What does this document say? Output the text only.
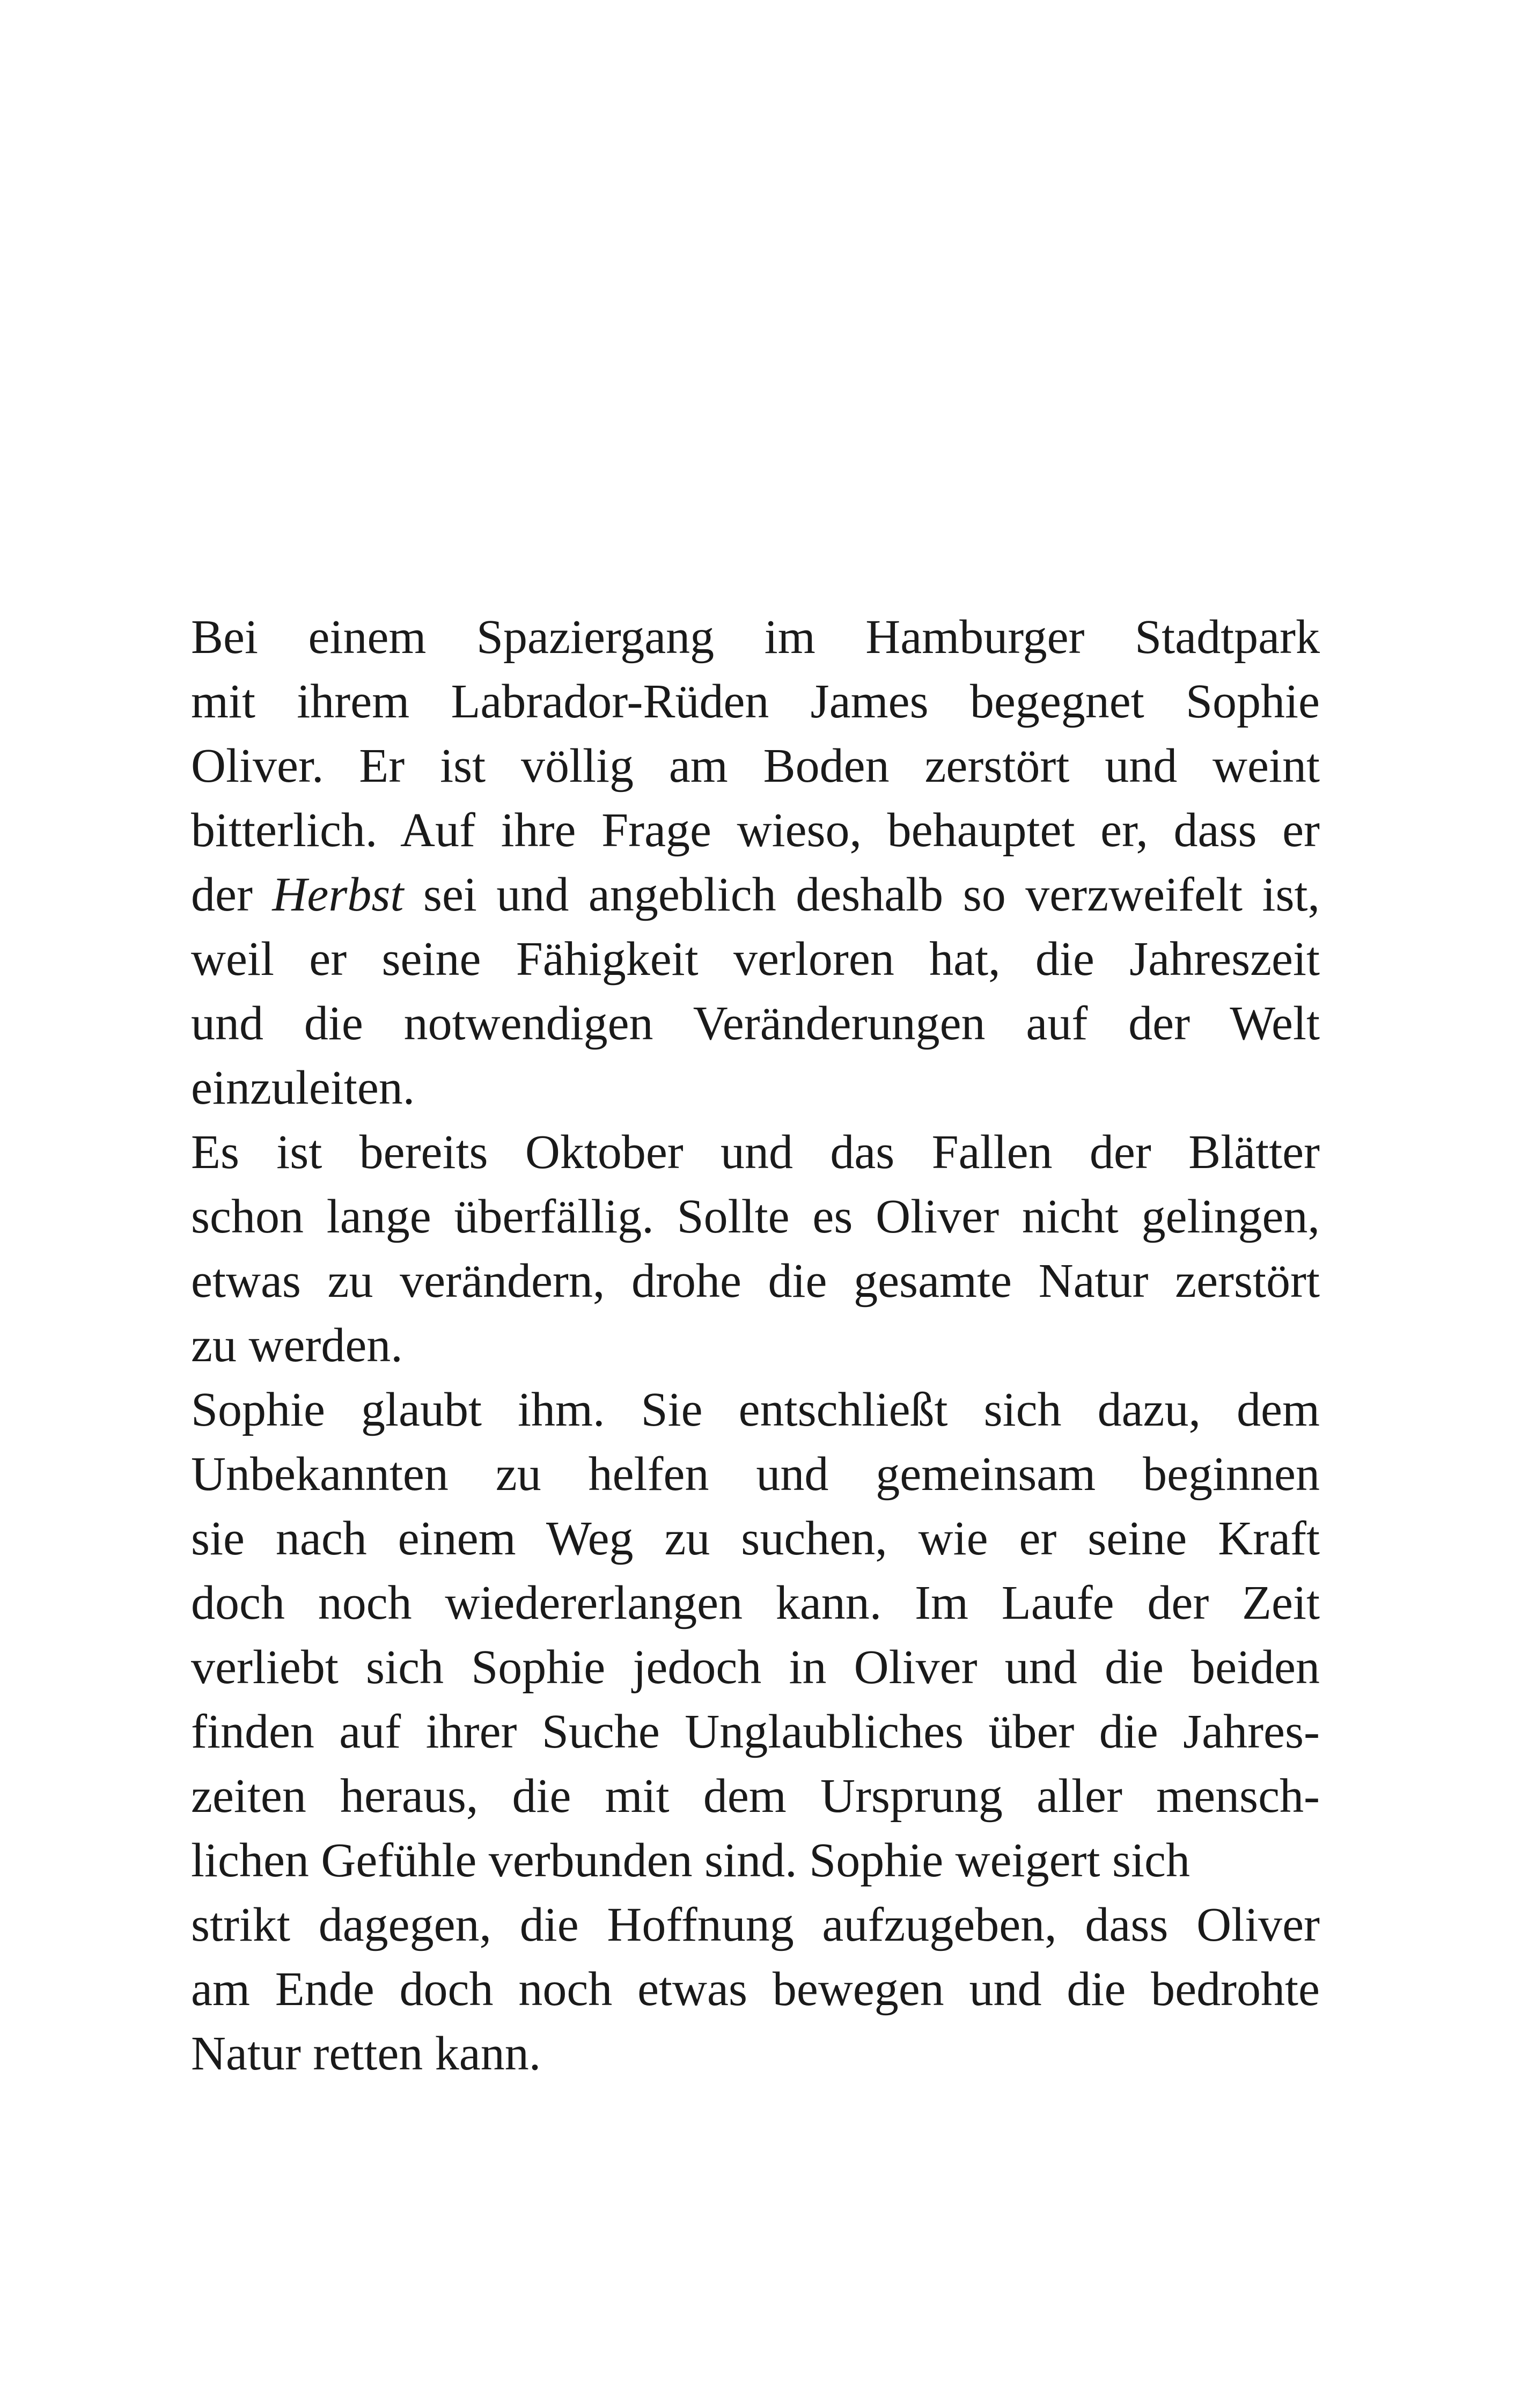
Bei einem Spaziergang im Hamburger Stadtpark
mit ihrem Labrador-Rüden James begegnet Sophie
Oliver. Er ist völlig am Boden zerstört und weint
bitterlich. Auf ihre Frage wieso, behauptet er, dass er
der Herbst sei und angeblich deshalb so verzweifelt ist,
weil er seine Fähigkeit verloren hat, die Jahreszeit
und die notwendigen Veränderungen auf der Welt
einzuleiten.
Es ist bereits Oktober und das Fallen der Blätter
schon lange überfällig. Sollte es Oliver nicht gelingen,
etwas zu verändern, drohe die gesamte Natur zerstört
zu werden.
Sophie glaubt ihm. Sie entschließt sich dazu, dem
Unbekannten zu helfen und gemeinsam beginnen
sie nach einem Weg zu suchen, wie er seine Kraft
doch noch wiedererlangen kann. Im Laufe der Zeit
verliebt sich Sophie jedoch in Oliver und die beiden
finden auf ihrer Suche Unglaubliches über die Jahres-
zeiten heraus, die mit dem Ursprung aller mensch-
lichen Gefühle verbunden sind. Sophie weigert sich
strikt dagegen, die Hoffnung aufzugeben, dass Oliver
am Ende doch noch etwas bewegen und die bedrohte
Natur retten kann.
